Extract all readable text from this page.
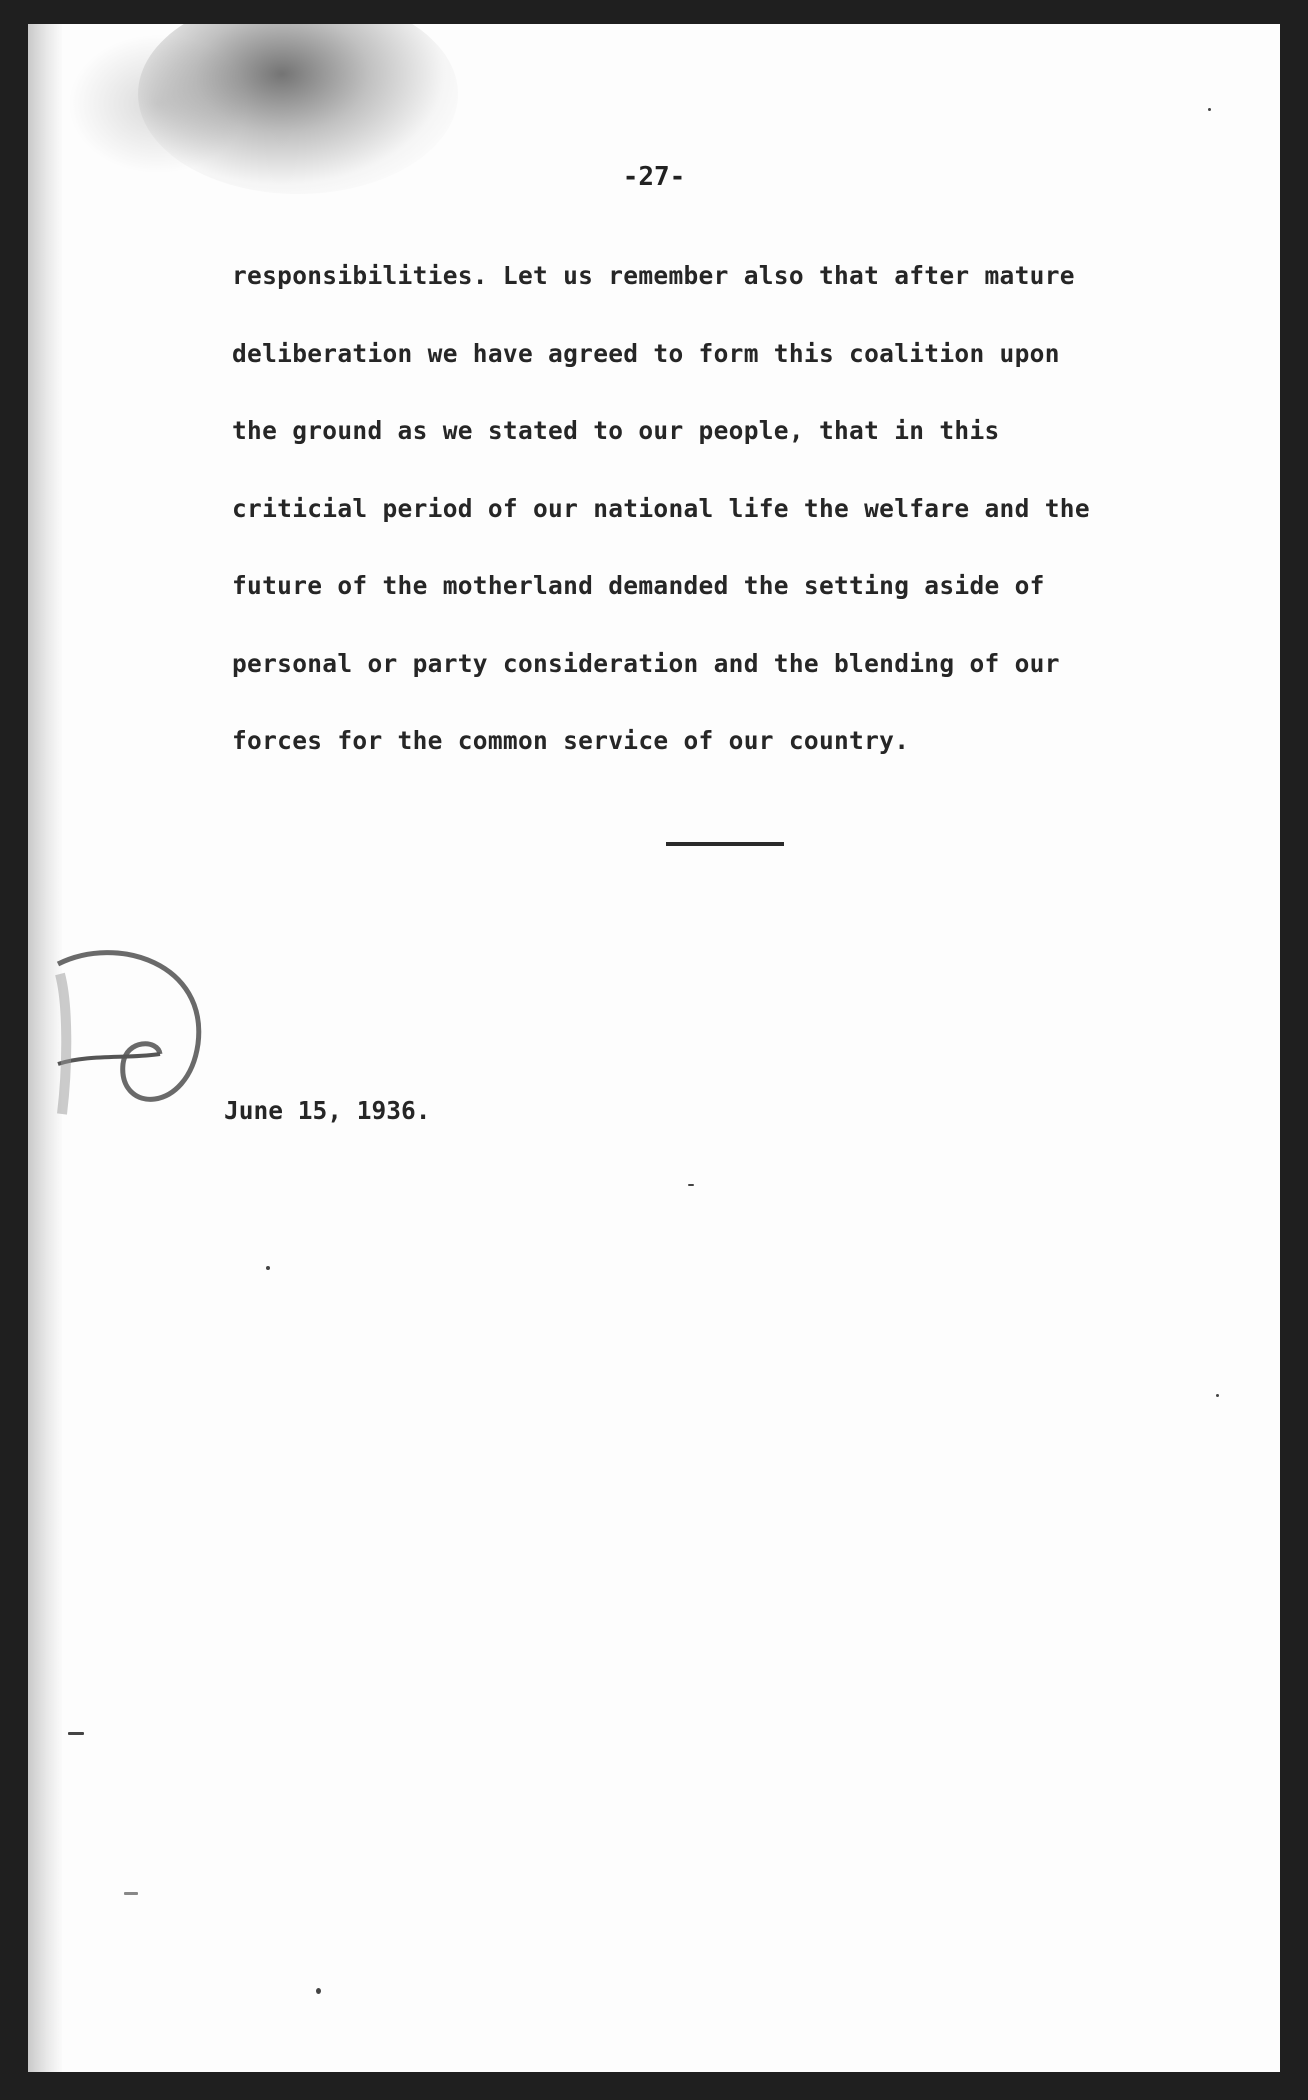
-27-
responsibilities. Let us remember also that after mature
deliberation we have agreed to form this coalition upon
the ground as we stated to our people, that in this
criticial period of our national life the welfare and the
future of the motherland demanded the setting aside of
personal or party consideration and the blending of our
forces for the common service of our country.
June 15, 1936.
